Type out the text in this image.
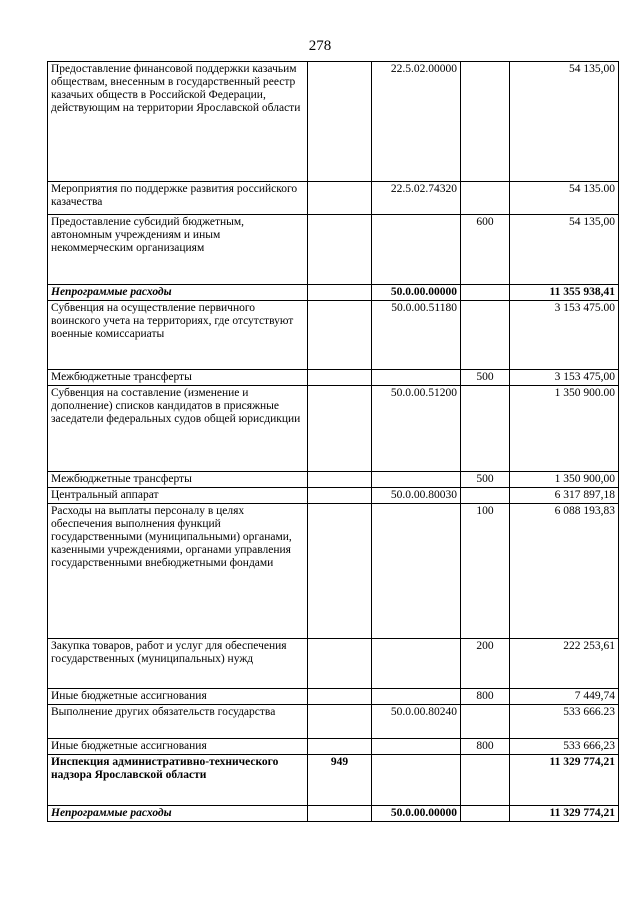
278
Предоставление финансовой поддержки казачьим обществам, внесенным в государственный реестр казачьих обществ в Российской Федерации, действующим на территории Ярославской области		22.5.02.00000		54 135,00
Мероприятия по поддержке развития российского казачества		22.5.02.74320		54 135.00
Предоставление субсидий бюджетным, автономным учреждениям и иным некоммерческим организациям			600	54 135,00
Непрограммые расходы		50.0.00.00000		11 355 938,41
Субвенция на осуществление первичного воинского учета на территориях, где отсутствуют военные комиссариаты		50.0.00.51180		3 153 475.00
Межбюджетные трансферты			500	3 153 475,00
Субвенция на составление (изменение и дополнение) списков кандидатов в присяжные заседатели федеральных судов общей юрисдикции		50.0.00.51200		1 350 900.00
Межбюджетные трансферты			500	1 350 900,00
Центральный аппарат		50.0.00.80030		6 317 897,18
Расходы на выплаты персоналу в целях обеспечения выполнения функций государственными (муниципальными) органами, казенными учреждениями, органами управления государственными внебюджетными фондами			100	6 088 193,83
Закупка товаров, работ и услуг для обеспечения государственных (муниципальных) нужд			200	222 253,61
Иные бюджетные ассигнования			800	7 449,74
Выполнение других обязательств государства		50.0.00.80240		533 666.23
Иные бюджетные ассигнования			800	533 666,23
Инспекция административно-технического надзора Ярославской области	949			11 329 774,21
Непрограммые расходы		50.0.00.00000		11 329 774,21
